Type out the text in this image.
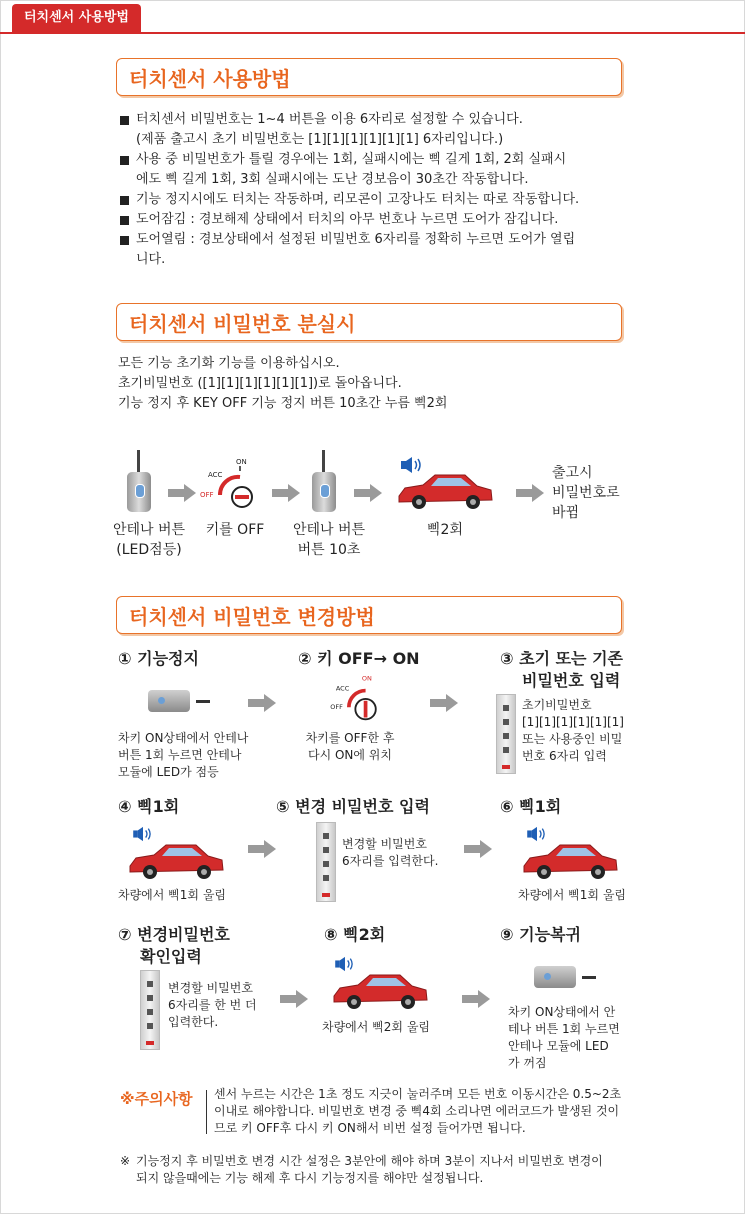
터치센서 사용방법
터치센서 사용방법
터치센서 비밀번호는 1~4 버튼을 이용 6자리로 설정할 수 있습니다.
(제품 출고시 초기 비밀번호는 [1][1][1][1][1][1] 6자리입니다.)
사용 중 비밀번호가 틀릴 경우에는 1회, 실패시에는 삑 길게 1회, 2회 실패시
에도 삑 길게 1회, 3회 실패시에는 도난 경보음이 30초간 작동합니다.
기능 정지시에도 터치는 작동하며, 리모콘이 고장나도 터치는 따로 작동합니다.
도어잠김 : 경보해제 상태에서 터치의 아무 번호나 누르면 도어가 잠깁니다.
도어열림 : 경보상태에서 설정된 비밀번호 6자리를 정확히 누르면 도어가 열립
니다.
터치센서 비밀번호 분실시
모든 기능 초기화 기능를 이용하십시오.
초기비밀번호 ([1][1][1][1][1][1])로 돌아옵니다.
기능 정지 후 KEY OFF 기능 정지 버튼 10초간 누름 삑2회
ON
ACC
OFF
출고시
비밀번호로
바뀜
안테나 버튼
(LED점등)
키를 OFF	안테나 버튼
버튼 10초
삑2회
터치센서 비밀번호 변경방법
① 기능정지
차키 ON상태에서 안테나
버튼 1회 누르면 안테나
모듈에 LED가 점등
② 키 OFF→ ON
ON
ACC
OFF
차키를 OFF한 후
다시 ON에 위치
③ 초기 또는 기존
비밀번호 입력
초기비밀번호
[1][1][1][1][1][1]
또는 사용중인 비밀
번호 6자리 입력
④ 삑1회
차량에서 삑1회 울림
⑤ 변경 비밀번호 입력
변경할 비밀번호
6자리를 입력한다.
⑥ 삑1회
차량에서 삑1회 울림
⑦ 변경비밀번호
확인입력
변경할 비밀번호
6자리를 한 번 더
입력한다.
⑧ 삑2회
차량에서 삑2회 울림
⑨ 기능복귀
차키 ON상태에서 안
테나 버튼 1회 누르면
안테나 모듈에 LED
가 꺼짐
※주의사항 센서 누르는 시간은 1초 정도 지긋이 눌러주며 모든 번호 이동시간은 0.5~2초
이내로 해야합니다. 비밀번호 변경 중 삑4회 소리나면 에러코드가 발생된 것이
므로 키 OFF후 다시 키 ON해서 비번 설정 들어가면 됩니다.
※ 기능정지 후 비밀번호 변경 시간 설정은 3분안에 해야 하며 3분이 지나서 비밀번호 변경이
되지 않을때에는 기능 해제 후 다시 기능정지를 해야만 설정됩니다.
